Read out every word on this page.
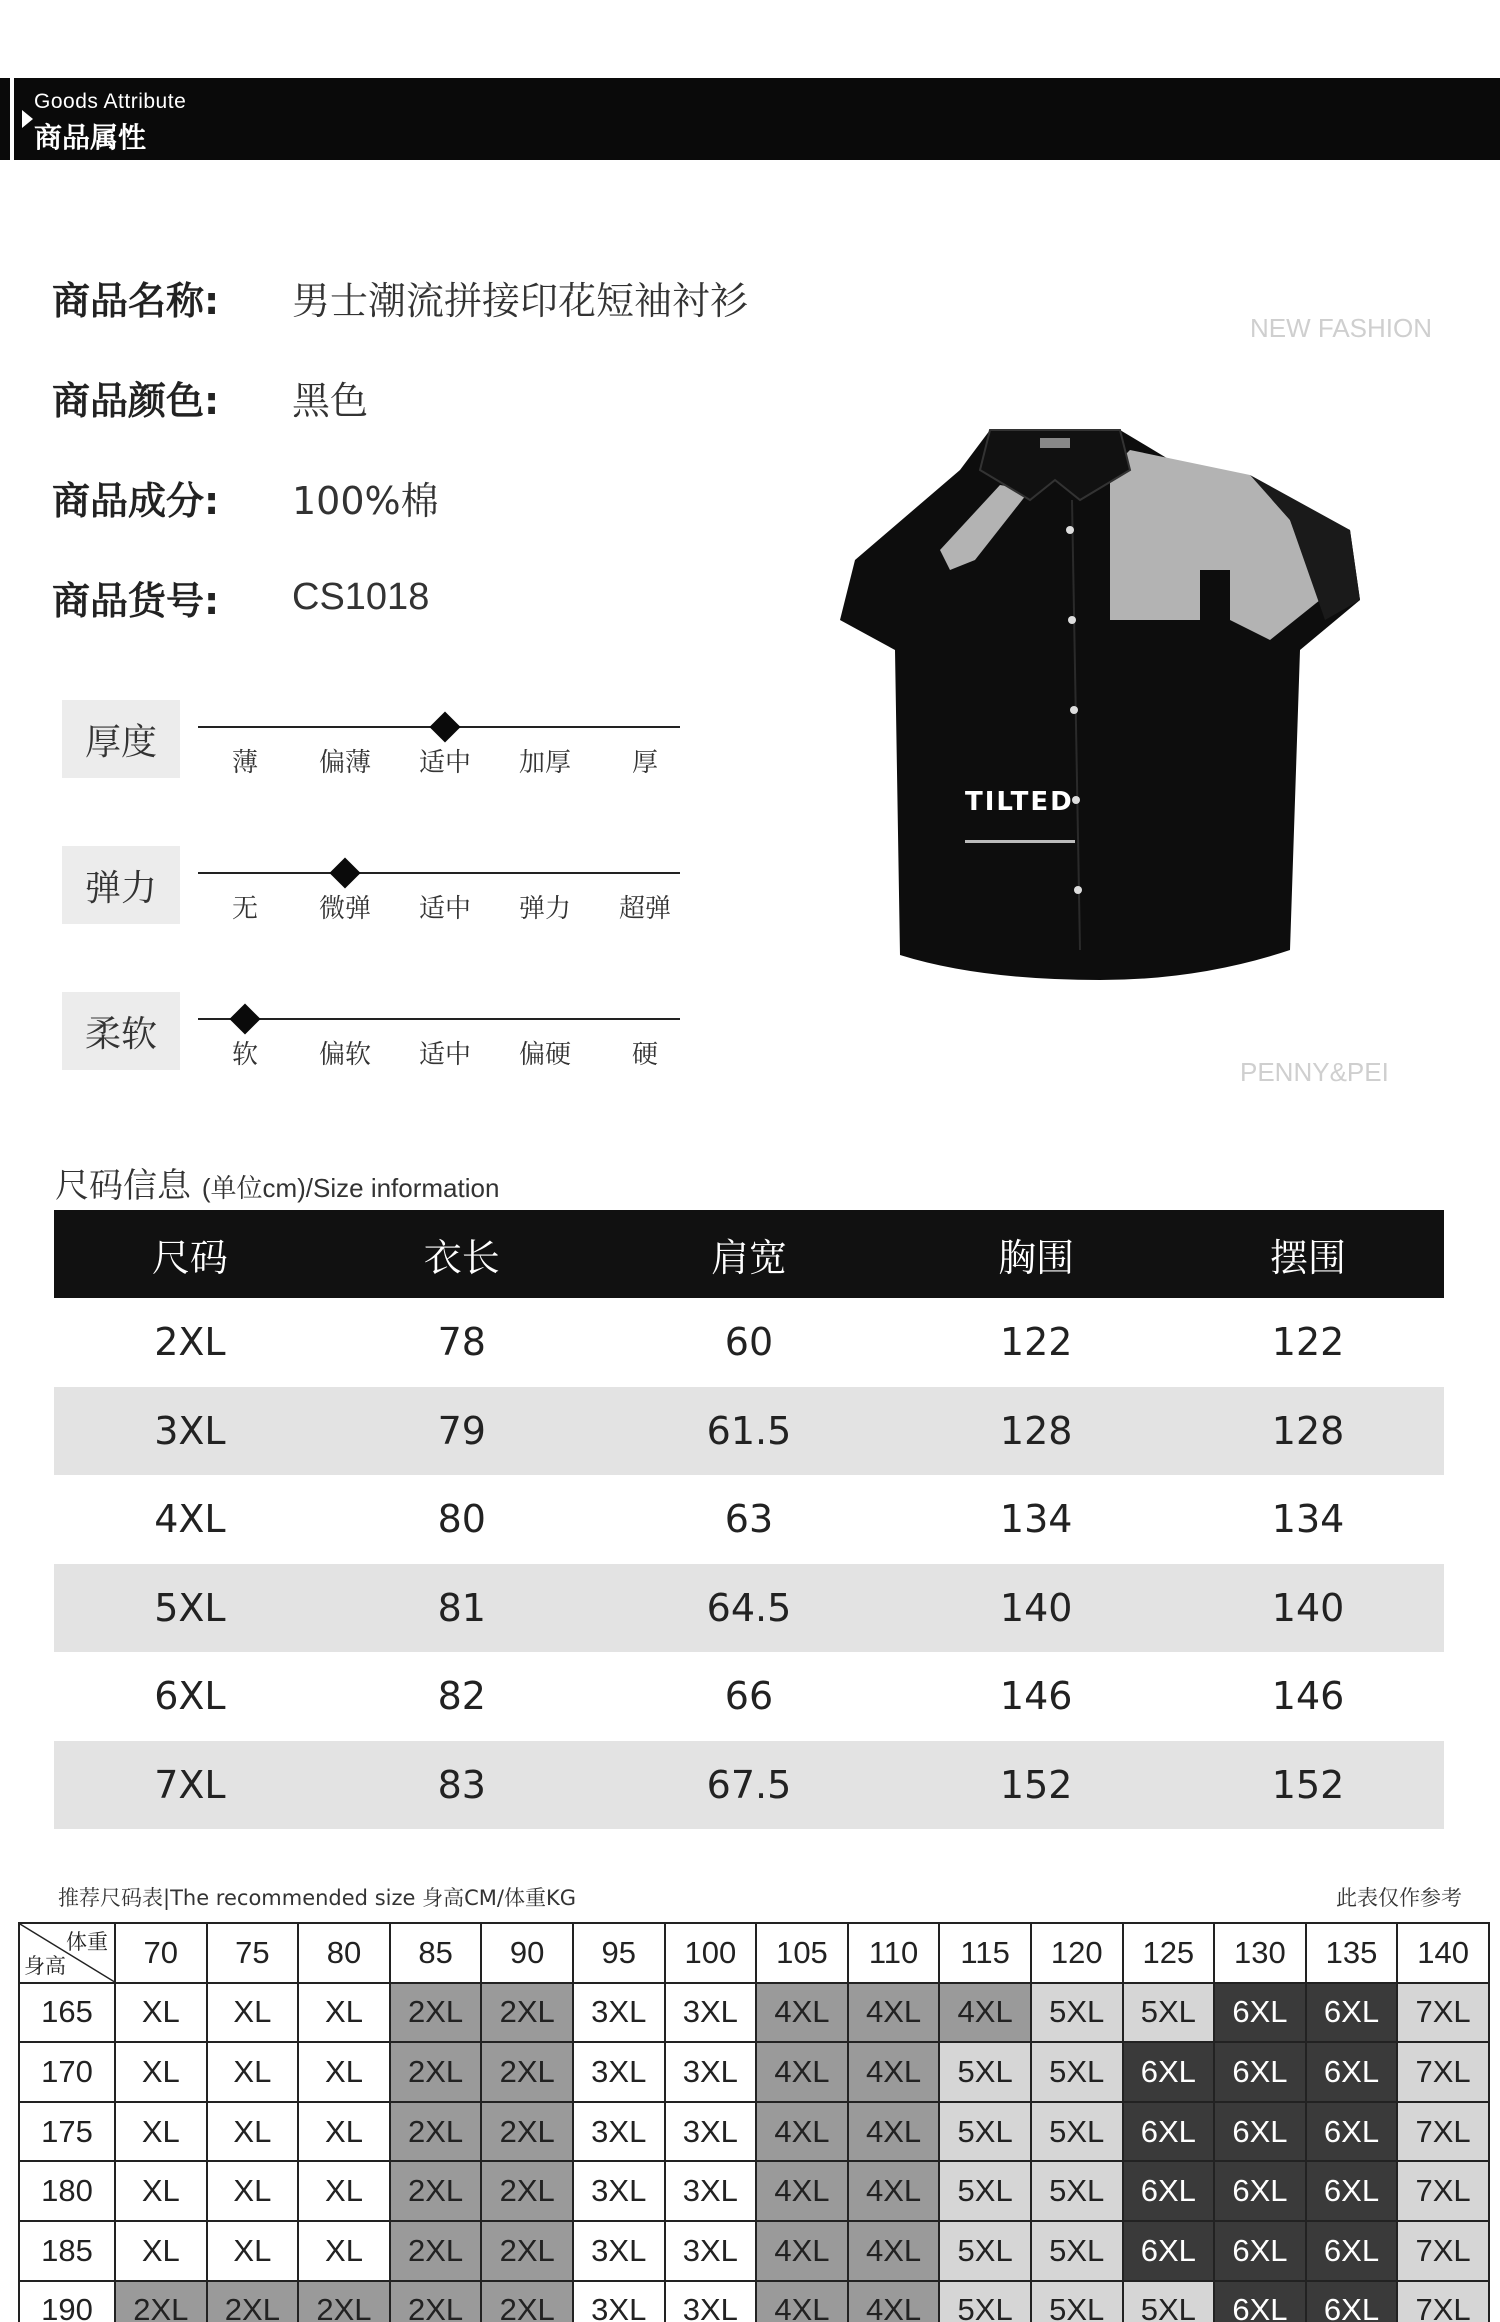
Goods Attribute
商品属性
商品名称:	男士潮流拼接印花短袖衬衫
商品颜色:	黑色
商品成分:	100%棉
商品货号:	CS1018
厚度
薄	偏薄	适中	加厚	厚
弹力
无	微弹	适中	弹力	超弹
柔软
软	偏软	适中	偏硬	硬
TILTED
NEW FASHION
PENNY&PEI
尺码信息 (单位cm)/Size information
尺码	衣长	肩宽	胸围	摆围
2XL	78	60	122	122
3XL	79	61.5	128	128
4XL	80	63	134	134
5XL	81	64.5	140	140
6XL	82	66	146	146
7XL	83	67.5	152	152
推荐尺码表|The recommended size 身高CM/体重KG	此表仅作参考
体重
身高	70	75	80	85	90	95	100	105	110	115	120	125	130	135	140
165	XL	XL	XL	2XL	2XL	3XL	3XL	4XL	4XL	4XL	5XL	5XL	6XL	6XL	7XL
170	XL	XL	XL	2XL	2XL	3XL	3XL	4XL	4XL	5XL	5XL	6XL	6XL	6XL	7XL
175	XL	XL	XL	2XL	2XL	3XL	3XL	4XL	4XL	5XL	5XL	6XL	6XL	6XL	7XL
180	XL	XL	XL	2XL	2XL	3XL	3XL	4XL	4XL	5XL	5XL	6XL	6XL	6XL	7XL
185	XL	XL	XL	2XL	2XL	3XL	3XL	4XL	4XL	5XL	5XL	6XL	6XL	6XL	7XL
190	2XL	2XL	2XL	2XL	2XL	3XL	3XL	4XL	4XL	5XL	5XL	5XL	6XL	6XL	7XL
